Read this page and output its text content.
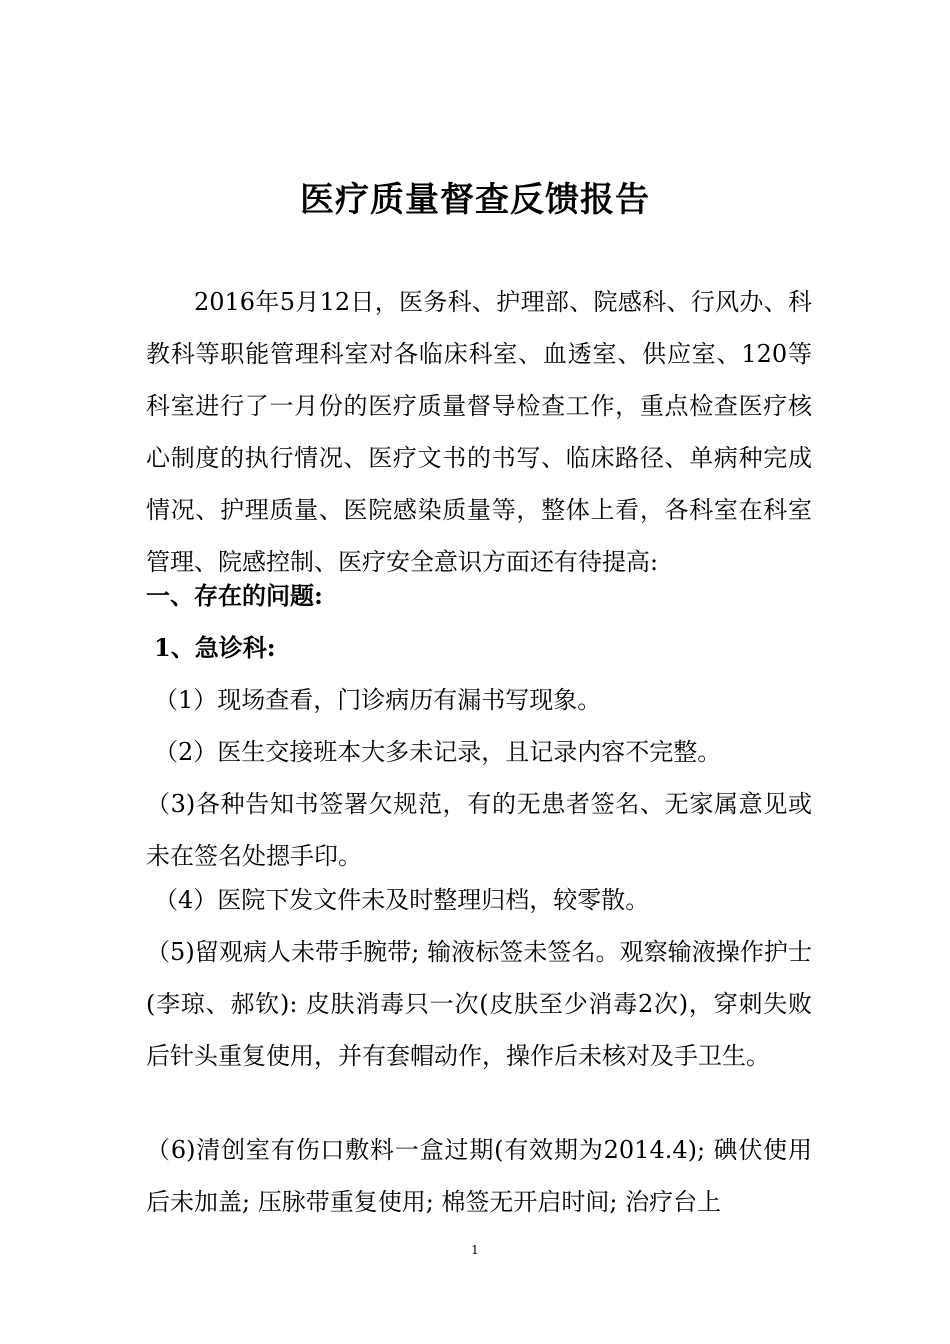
医疗质量督查反馈报告
2016年5月12日，医务科、护理部、院感科、行风办、科教科等职能管理科室对各临床科室、血透室、供应室、120等科室进行了一月份的医疗质量督导检查工作，重点检查医疗核心制度的执行情况、医疗文书的书写、临床路径、单病种完成情况、护理质量、医院感染质量等，整体上看，各科室在科室管理、院感控制、医疗安全意识方面还有待提高:
一、存在的问题:
1、急诊科:
（1）现场查看，门诊病历有漏书写现象。
（2）医生交接班本大多未记录，且记录内容不完整。
（3)各种告知书签署欠规范，有的无患者签名、无家属意见或未在签名处摁手印。
（4）医院下发文件未及时整理归档，较零散。
（5)留观病人未带手腕带; 输液标签未签名。观察输液操作护士(李琼、郝钦): 皮肤消毒只一次(皮肤至少消毒2次)，穿刺失败后针头重复使用，并有套帽动作，操作后未核对及手卫生。
（6)清创室有伤口敷料一盒过期(有效期为2014.4); 碘伏使用后未加盖; 压脉带重复使用; 棉签无开启时间; 治疗台上
1
